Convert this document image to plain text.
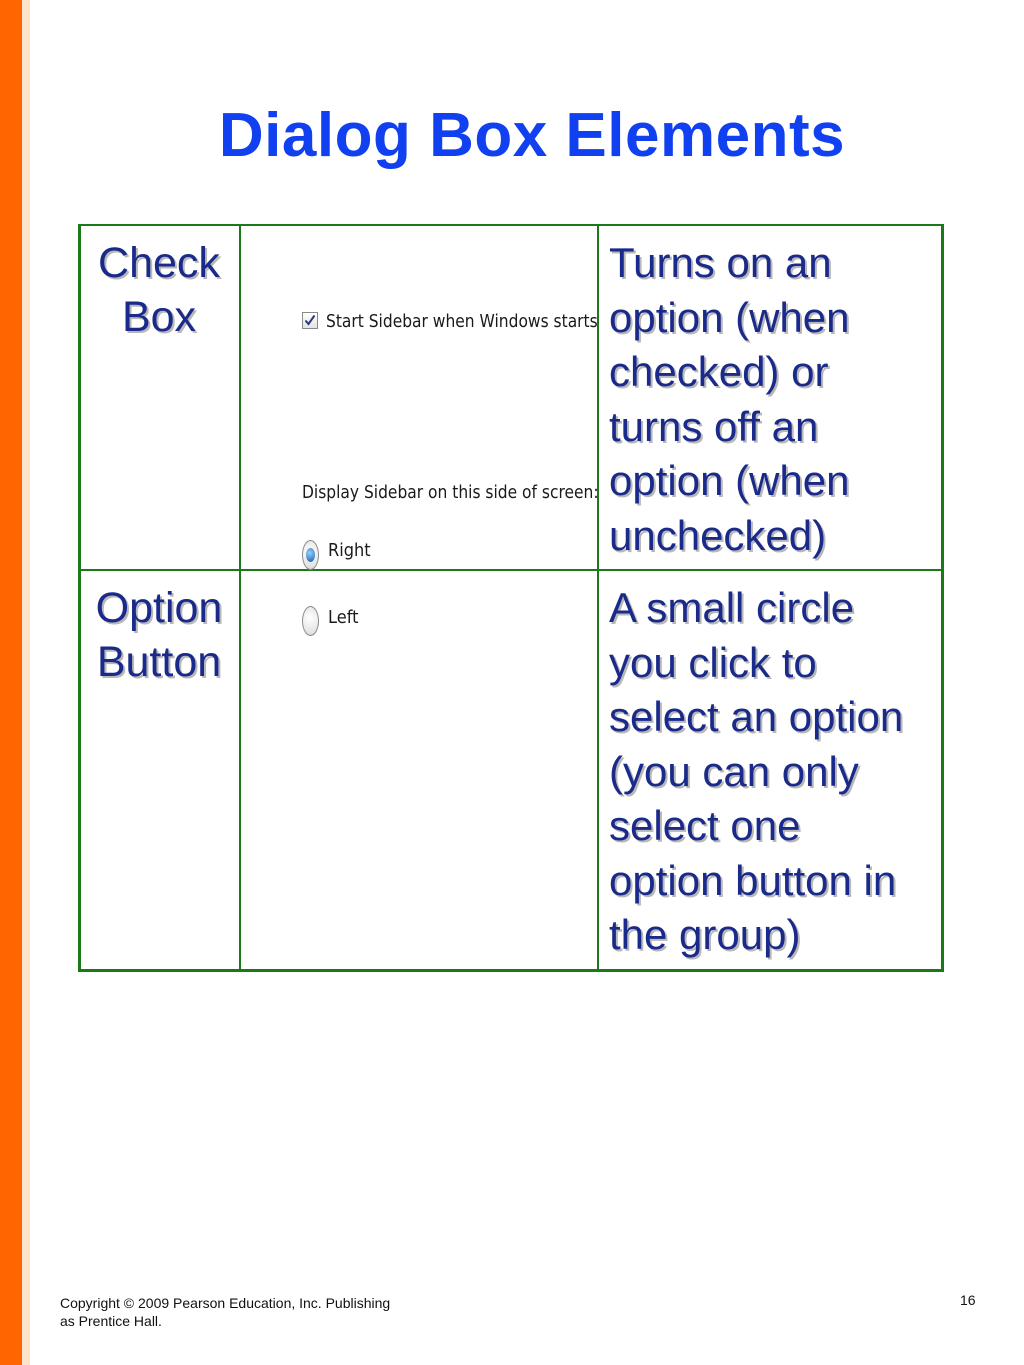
Dialog Box Elements
Check
Box
Turns on an
option (when
checked) or
turns off an
option (when
unchecked)
Option
Button
A small circle
you click to
select an option
(you can only
select one
option button in
the group)
Start Sidebar when Windows starts
Display Sidebar on this side of screen:
Right
Left
Copyright © 2009 Pearson Education, Inc. Publishing
as Prentice Hall.
16
